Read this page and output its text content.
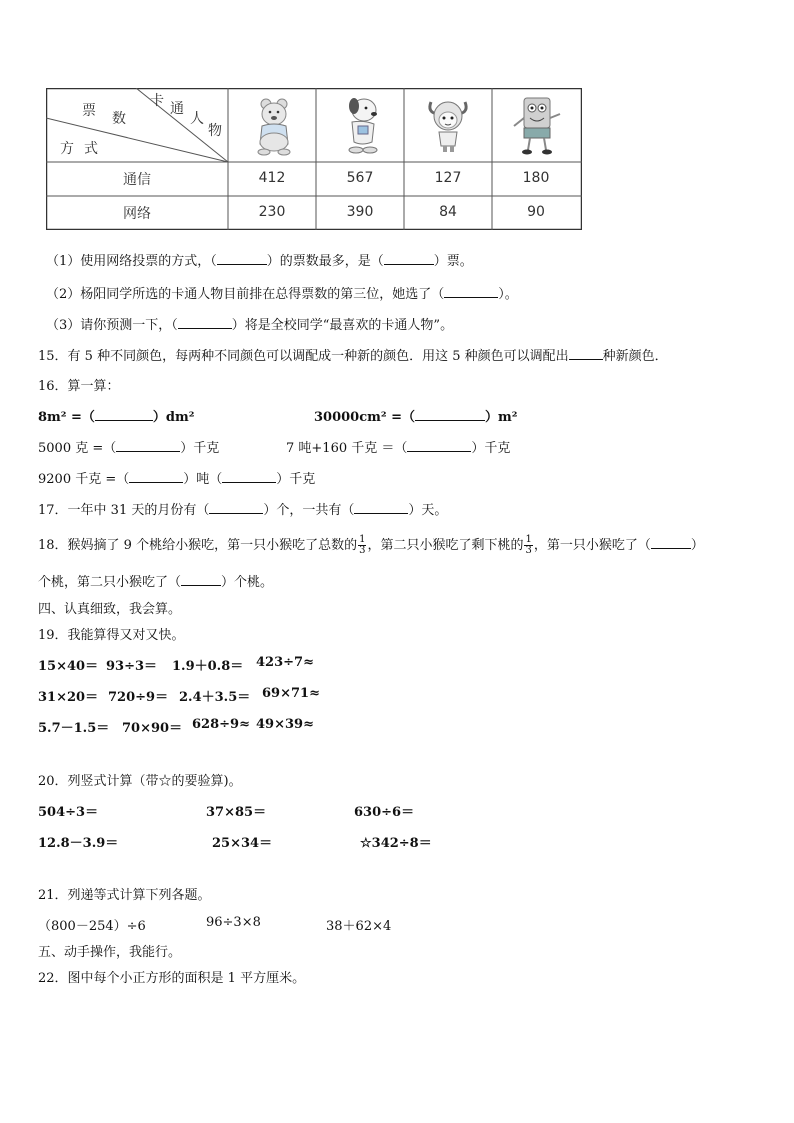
卡 通
人
物
票 数
方 式
通信	412	567	127	180
网络	230	390	84	90
（1）使用网络投票的方式，（	）的票数最多，是（	）票。
（2）杨阳同学所选的卡通人物目前排在总得票数的第三位，她选了（	）。
（3）请你预测一下，（	）将是全校同学“最喜欢的卡通人物”。
15．有 5 种不同颜色，每两种不同颜色可以调配成一种新的颜色．用这 5 种颜色可以调配出	种新颜色．
16．算一算：
8m² =（	）dm²	30000cm² =（	）m²
5000 克 =（	）千克	7 吨+160 千克 ＝（	）千克
9200 千克 =（	）吨（	）千克
17．一年中 31 天的月份有（	）个，一共有（	）天。
18．猴妈摘了 9 个桃给小猴吃，第一只小猴吃了总数的 $\frac{1}{3}$ ，第二只小猴吃了剩下桃的 $\frac{1}{3}$ ，第一只小猴吃了（	）
个桃，第二只小猴吃了（	）个桃。
四、认真细致，我会算。
19．我能算得又对又快。
15×40＝ 93÷3＝ 1.9＋0.8＝ 423÷7≈
31×20＝ 720÷9＝ 2.4＋3.5＝ 69×71≈
5.7－1.5＝ 70×90＝ 628÷9≈ 49×39≈
20．列竖式计算（带☆的要验算)。
504÷3＝	37×85＝	630÷6＝
12.8－3.9＝	25×34＝	☆342÷8＝
21．列递等式计算下列各题。
（800－254）÷6	96÷3×8	38＋62×4
五、动手操作，我能行。
22．图中每个小正方形的面积是 1 平方厘米。
